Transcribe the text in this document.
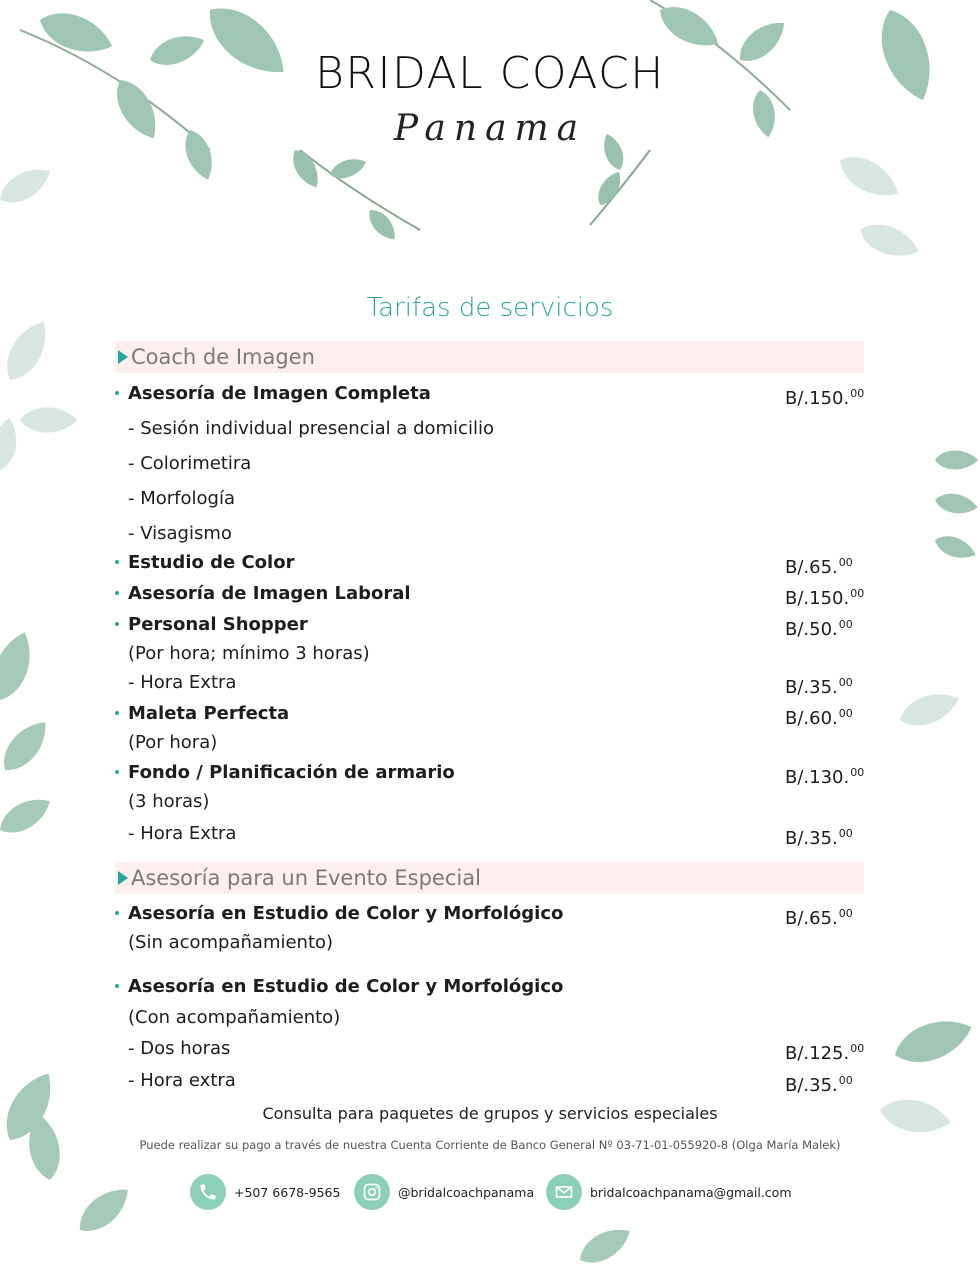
BRIDAL COACH
Panama
Tarifas de servicios
Coach de Imagen
Asesoría de Imagen Completa	B/.150.00
- Sesión individual presencial a domicilio
- Colorimetira
- Morfología
- Visagismo
Estudio de Color	B/.65.00
Asesoría de Imagen Laboral	B/.150.00
Personal Shopper	B/.50.00
(Por hora; mínimo 3 horas)
- Hora Extra	B/.35.00
Maleta Perfecta	B/.60.00
(Por hora)
Fondo / Planificación de armario	B/.130.00
(3 horas)
- Hora Extra	B/.35.00
Asesoría para un Evento Especial
Asesoría en Estudio de Color y Morfológico	B/.65.00
(Sin acompañamiento)
Asesoría en Estudio de Color y Morfológico
(Con acompañamiento)
- Dos horas	B/.125.00
- Hora extra	B/.35.00
Consulta para paquetes de grupos y servicios especiales
Puede realizar su pago a través de nuestra Cuenta Corriente de Banco General Nº 03-71-01-055920-8 (Olga María Malek)
+507 6678-9565	@bridalcoachpanama	bridalcoachpanama@gmail.com
